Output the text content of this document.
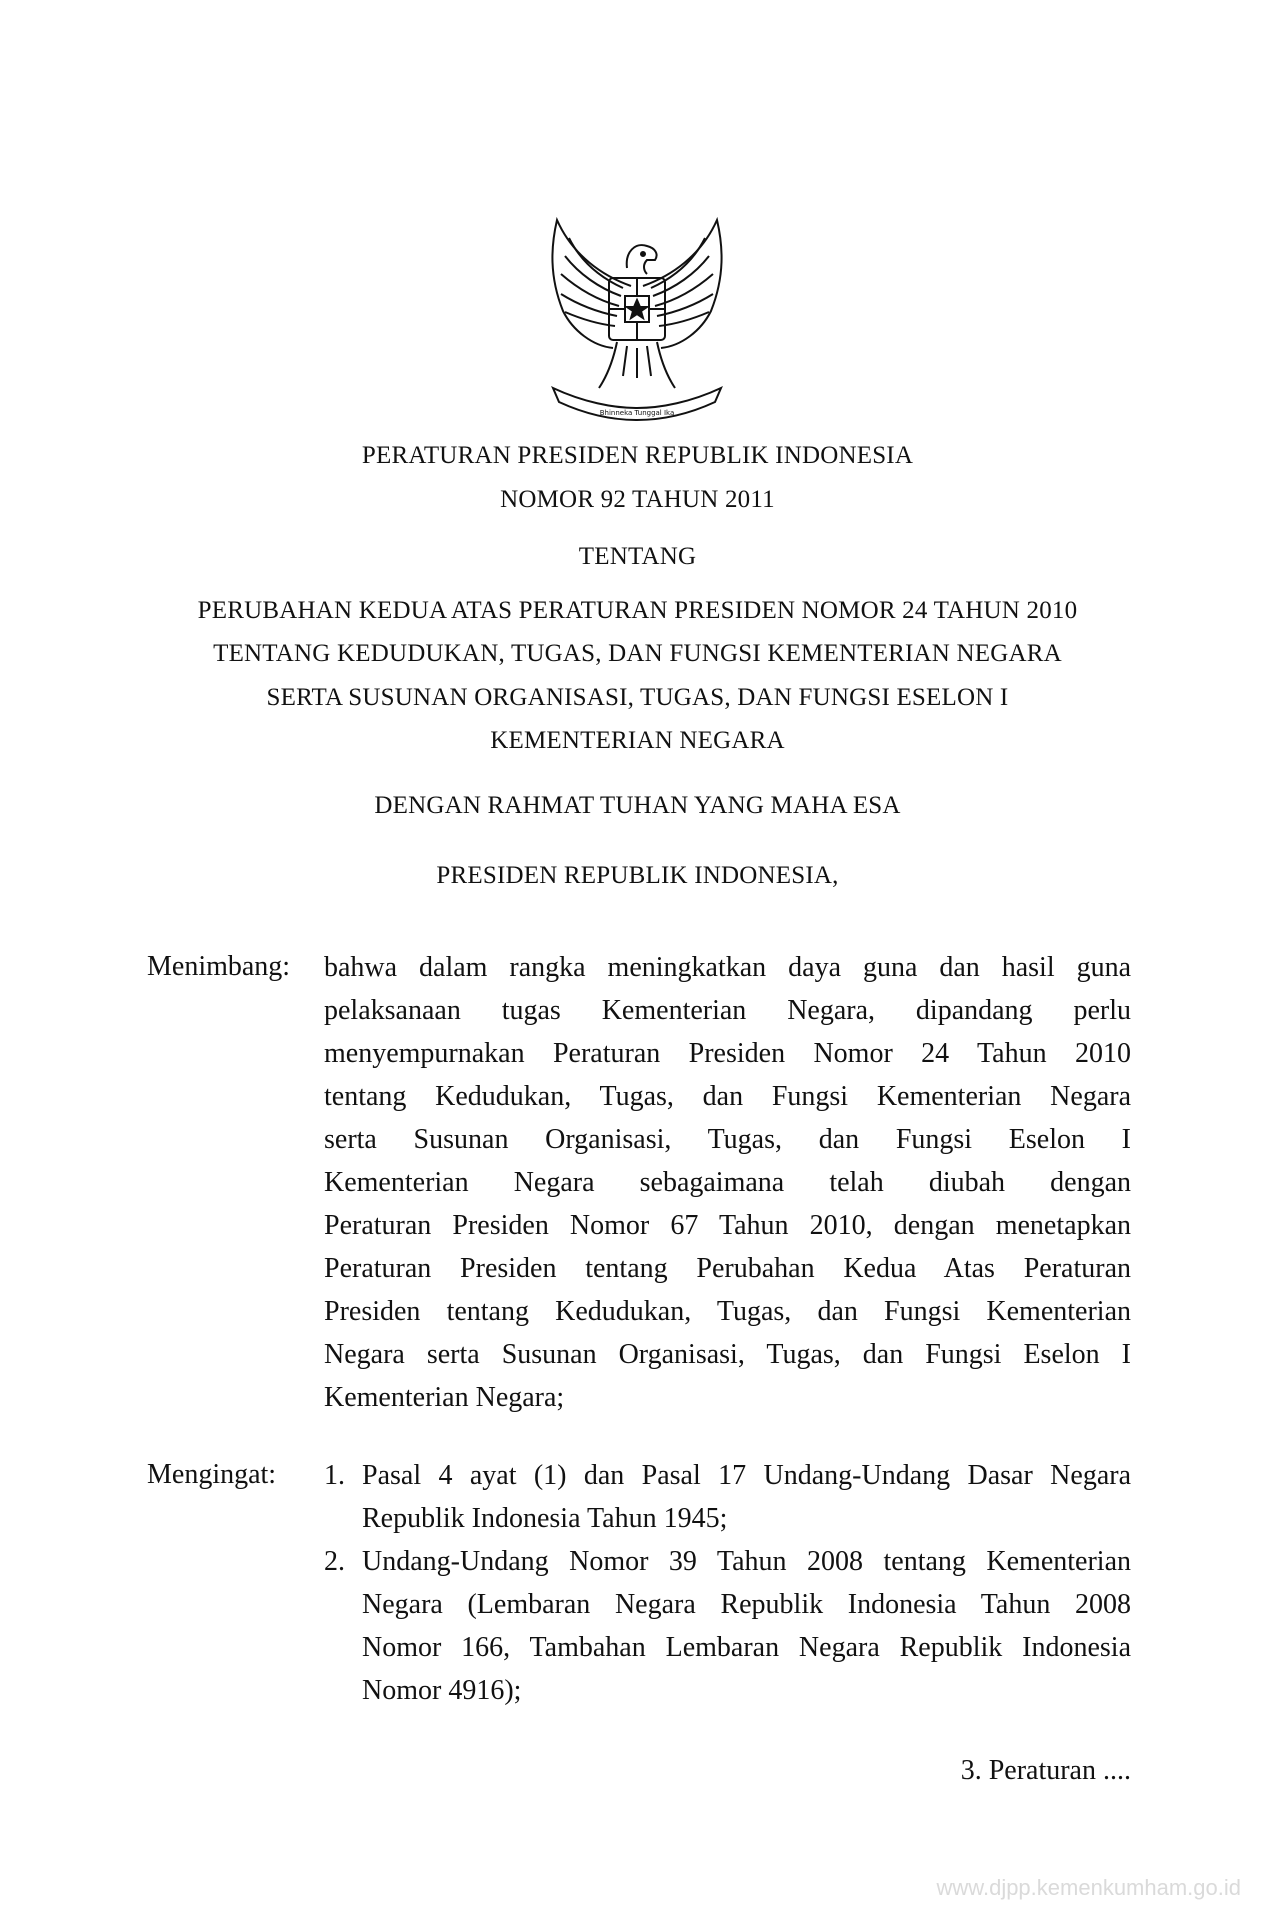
Bhinneka Tunggal Ika
PERATURAN PRESIDEN REPUBLIK INDONESIA
NOMOR 92 TAHUN 2011
TENTANG
PERUBAHAN KEDUA ATAS PERATURAN PRESIDEN NOMOR 24 TAHUN 2010
TENTANG KEDUDUKAN, TUGAS, DAN FUNGSI KEMENTERIAN NEGARA
SERTA SUSUNAN ORGANISASI, TUGAS, DAN FUNGSI ESELON I
KEMENTERIAN NEGARA
DENGAN RAHMAT TUHAN YANG MAHA ESA
PRESIDEN REPUBLIK INDONESIA,
Menimbang: bahwa dalam rangka meningkatkan daya guna dan hasil guna
pelaksanaan tugas Kementerian Negara, dipandang perlu
menyempurnakan Peraturan Presiden Nomor 24 Tahun 2010
tentang Kedudukan, Tugas, dan Fungsi Kementerian Negara
serta Susunan Organisasi, Tugas, dan Fungsi Eselon I
Kementerian Negara sebagaimana telah diubah dengan
Peraturan Presiden Nomor 67 Tahun 2010, dengan menetapkan
Peraturan Presiden tentang Perubahan Kedua Atas Peraturan
Presiden tentang Kedudukan, Tugas, dan Fungsi Kementerian
Negara serta Susunan Organisasi, Tugas, dan Fungsi Eselon I
Kementerian Negara;
Mengingat: 1. Pasal 4 ayat (1) dan Pasal 17 Undang-Undang Dasar Negara
Republik Indonesia Tahun 1945;
2. Undang-Undang Nomor 39 Tahun 2008 tentang Kementerian
Negara (Lembaran Negara Republik Indonesia Tahun 2008
Nomor 166, Tambahan Lembaran Negara Republik Indonesia
Nomor 4916);
3. Peraturan ....
www.djpp.kemenkumham.go.id
